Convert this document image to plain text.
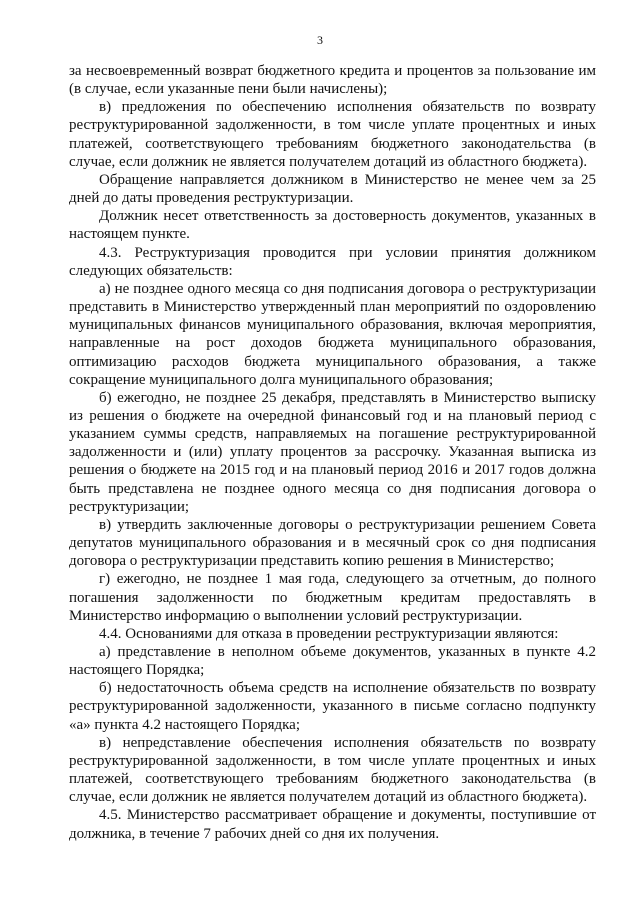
3

за несвоевременный возврат бюджетного кредита и процентов за пользование им (в случае, если указанные пени были начислены);

в) предложения по обеспечению исполнения обязательств по возврату реструктурированной задолженности, в том числе уплате процентных и иных платежей, соответствующего требованиям бюджетного законодательства (в случае, если должник не является получателем дотаций из областного бюджета).

Обращение направляется должником в Министерство не менее чем за 25 дней до даты проведения реструктуризации.

Должник несет ответственность за достоверность документов, указанных в настоящем пункте.

4.3. Реструктуризация проводится при условии принятия должником следующих обязательств:

а) не позднее одного месяца со дня подписания договора о реструктуризации представить в Министерство утвержденный план мероприятий по оздоровлению муниципальных финансов муниципального образования, включая мероприятия, направленные на рост доходов бюджета муниципального образования, оптимизацию расходов бюджета муниципального образования, а также сокращение муниципального долга муниципального образования;

б) ежегодно, не позднее 25 декабря, представлять в Министерство выписку из решения о бюджете на очередной финансовый год и на плановый период с указанием суммы средств, направляемых на погашение реструктурированной задолженности и (или) уплату процентов за рассрочку. Указанная выписка из решения о бюджете на 2015 год и на плановый период 2016 и 2017 годов должна быть представлена не позднее одного месяца со дня подписания договора о реструктуризации;

в) утвердить заключенные договоры о реструктуризации решением Совета депутатов муниципального образования и в месячный срок со дня подписания договора о реструктуризации представить копию решения в Министерство;

г) ежегодно, не позднее 1 мая года, следующего за отчетным, до полного погашения задолженности по бюджетным кредитам предоставлять в Министерство информацию о выполнении условий реструктуризации.

4.4. Основаниями для отказа в проведении реструктуризации являются:

а) представление в неполном объеме документов, указанных в пункте 4.2 настоящего Порядка;

б) недостаточность объема средств на исполнение обязательств по возврату реструктурированной задолженности, указанного в письме согласно подпункту «а» пункта 4.2 настоящего Порядка;

в) непредставление обеспечения исполнения обязательств по возврату реструктурированной задолженности, в том числе уплате процентных и иных платежей, соответствующего требованиям бюджетного законодательства (в случае, если должник не является получателем дотаций из областного бюджета).

4.5. Министерство рассматривает обращение и документы, поступившие от должника, в течение 7 рабочих дней со дня их получения.
